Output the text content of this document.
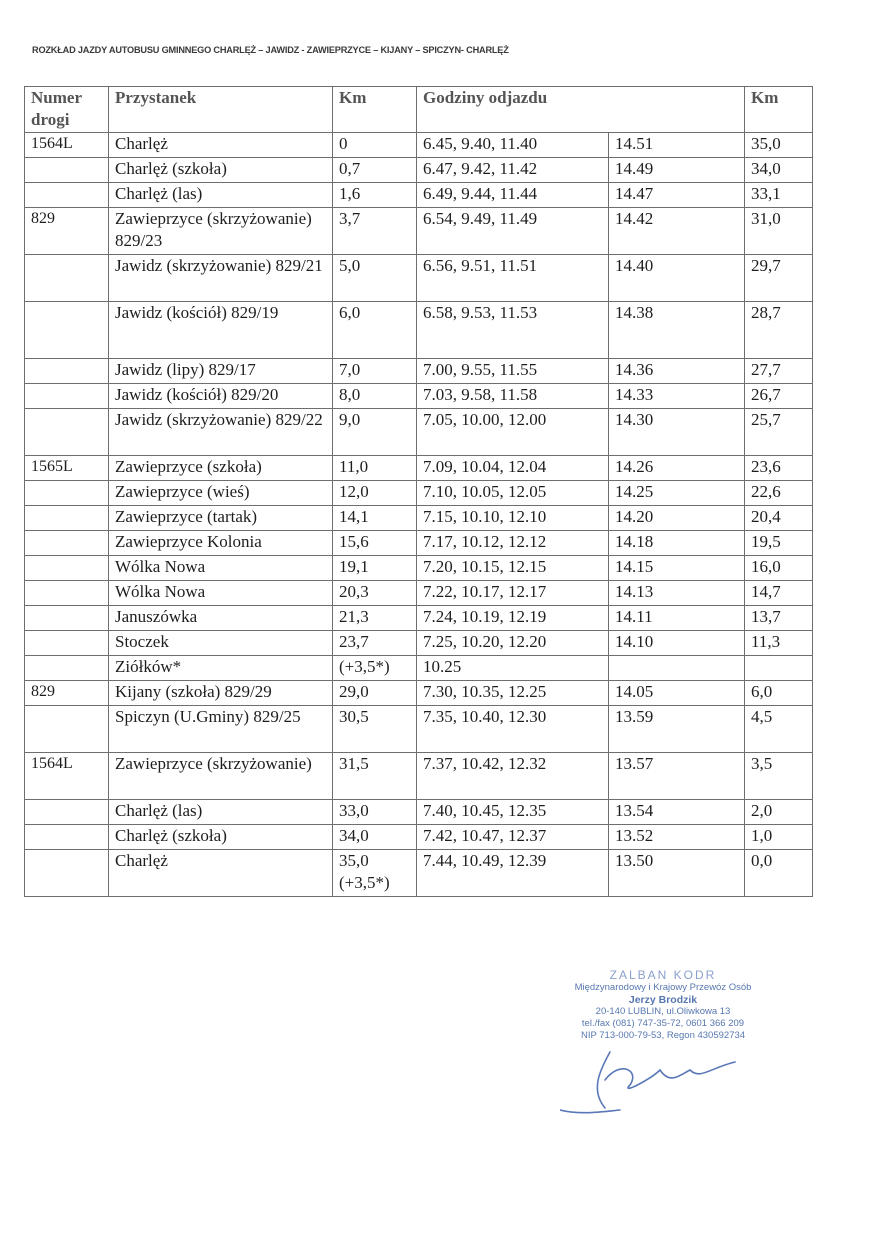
ROZKŁAD JAZDY AUTOBUSU GMINNEGO CHARLĘŻ – JAWIDZ - ZAWIEPRZYCE – KIJANY – SPICZYN- CHARLĘŻ
Numer drogi	Przystanek	Km	Godziny odjazdu		Km
1564L	Charlęż	0	6.45, 9.40, 11.40	14.51	35,0
	Charlęż (szkoła)	0,7	6.47, 9.42, 11.42	14.49	34,0
	Charlęż (las)	1,6	6.49, 9.44, 11.44	14.47	33,1
829	Zawieprzyce (skrzyżowanie) 829/23	3,7	6.54, 9.49, 11.49	14.42	31,0
	Jawidz (skrzyżowanie) 829/21	5,0	6.56, 9.51, 11.51	14.40	29,7
	Jawidz (kościół) 829/19	6,0	6.58, 9.53, 11.53	14.38	28,7
	Jawidz (lipy) 829/17	7,0	7.00, 9.55, 11.55	14.36	27,7
	Jawidz (kościół) 829/20	8,0	7.03, 9.58, 11.58	14.33	26,7
	Jawidz (skrzyżowanie) 829/22	9,0	7.05, 10.00, 12.00	14.30	25,7
1565L	Zawieprzyce (szkoła)	11,0	7.09, 10.04, 12.04	14.26	23,6
	Zawieprzyce (wieś)	12,0	7.10, 10.05, 12.05	14.25	22,6
	Zawieprzyce (tartak)	14,1	7.15, 10.10, 12.10	14.20	20,4
	Zawieprzyce Kolonia	15,6	7.17, 10.12, 12.12	14.18	19,5
	Wólka Nowa	19,1	7.20, 10.15, 12.15	14.15	16,0
	Wólka Nowa	20,3	7.22, 10.17, 12.17	14.13	14,7
	Januszówka	21,3	7.24, 10.19, 12.19	14.11	13,7
	Stoczek	23,7	7.25, 10.20, 12.20	14.10	11,3
	Ziółków*	(+3,5*)	10.25		
829	Kijany (szkoła) 829/29	29,0	7.30, 10.35, 12.25	14.05	6,0
	Spiczyn (U.Gminy) 829/25	30,5	7.35, 10.40, 12.30	13.59	4,5
1564L	Zawieprzyce (skrzyżowanie)	31,5	7.37, 10.42, 12.32	13.57	3,5
	Charlęż (las)	33,0	7.40, 10.45, 12.35	13.54	2,0
	Charlęż (szkoła)	34,0	7.42, 10.47, 12.37	13.52	1,0
	Charlęż	35,0 (+3,5*)	7.44, 10.49, 12.39	13.50	0,0
ZALBAN KODR
Międzynarodowy i Krajowy Przewóz Osób
Jerzy Brodzik
20-140 LUBLIN, ul.Oliwkowa 13
tel./fax (081) 747-35-72, 0601 366 209
NIP 713-000-79-53, Regon 430592734
